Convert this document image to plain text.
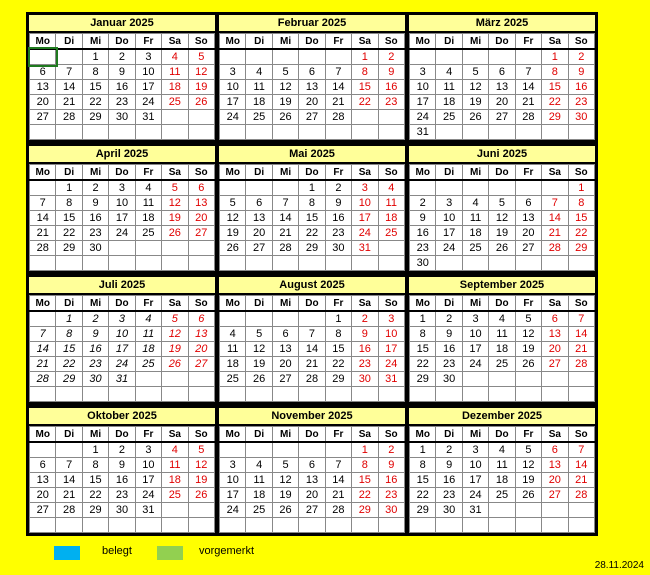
Januar 2025
Mo	Di	Mi	Do	Fr	Sa	So
		1	2	3	4	5
6	7	8	9	10	11	12
13	14	15	16	17	18	19
20	21	22	23	24	25	26
27	28	29	30	31		

Februar 2025
Mo	Di	Mi	Do	Fr	Sa	So
					1	2
3	4	5	6	7	8	9
10	11	12	13	14	15	16
17	18	19	20	21	22	23
24	25	26	27	28		

März 2025
Mo	Di	Mi	Do	Fr	Sa	So
					1	2
3	4	5	6	7	8	9
10	11	12	13	14	15	16
17	18	19	20	21	22	23
24	25	26	27	28	29	30
31						
April 2025
Mo	Di	Mi	Do	Fr	Sa	So
	1	2	3	4	5	6
7	8	9	10	11	12	13
14	15	16	17	18	19	20
21	22	23	24	25	26	27
28	29	30				

Mai 2025
Mo	Di	Mi	Do	Fr	Sa	So
			1	2	3	4
5	6	7	8	9	10	11
12	13	14	15	16	17	18
19	20	21	22	23	24	25
26	27	28	29	30	31	

Juni 2025
Mo	Di	Mi	Do	Fr	Sa	So
						1
2	3	4	5	6	7	8
9	10	11	12	13	14	15
16	17	18	19	20	21	22
23	24	25	26	27	28	29
30						
Juli 2025
Mo	Di	Mi	Do	Fr	Sa	So
	1	2	3	4	5	6
7	8	9	10	11	12	13
14	15	16	17	18	19	20
21	22	23	24	25	26	27
28	29	30	31			

August 2025
Mo	Di	Mi	Do	Fr	Sa	So
				1	2	3
4	5	6	7	8	9	10
11	12	13	14	15	16	17
18	19	20	21	22	23	24
25	26	27	28	29	30	31

September 2025
Mo	Di	Mi	Do	Fr	Sa	So
1	2	3	4	5	6	7
8	9	10	11	12	13	14
15	16	17	18	19	20	21
22	23	24	25	26	27	28
29	30					

Oktober 2025
Mo	Di	Mi	Do	Fr	Sa	So
		1	2	3	4	5
6	7	8	9	10	11	12
13	14	15	16	17	18	19
20	21	22	23	24	25	26
27	28	29	30	31		

November 2025
Mo	Di	Mi	Do	Fr	Sa	So
					1	2
3	4	5	6	7	8	9
10	11	12	13	14	15	16
17	18	19	20	21	22	23
24	25	26	27	28	29	30

Dezember 2025
Mo	Di	Mi	Do	Fr	Sa	So
1	2	3	4	5	6	7
8	9	10	11	12	13	14
15	16	17	18	19	20	21
22	23	24	25	26	27	28
29	30	31				

belegt	vorgemerkt
28.11.2024
